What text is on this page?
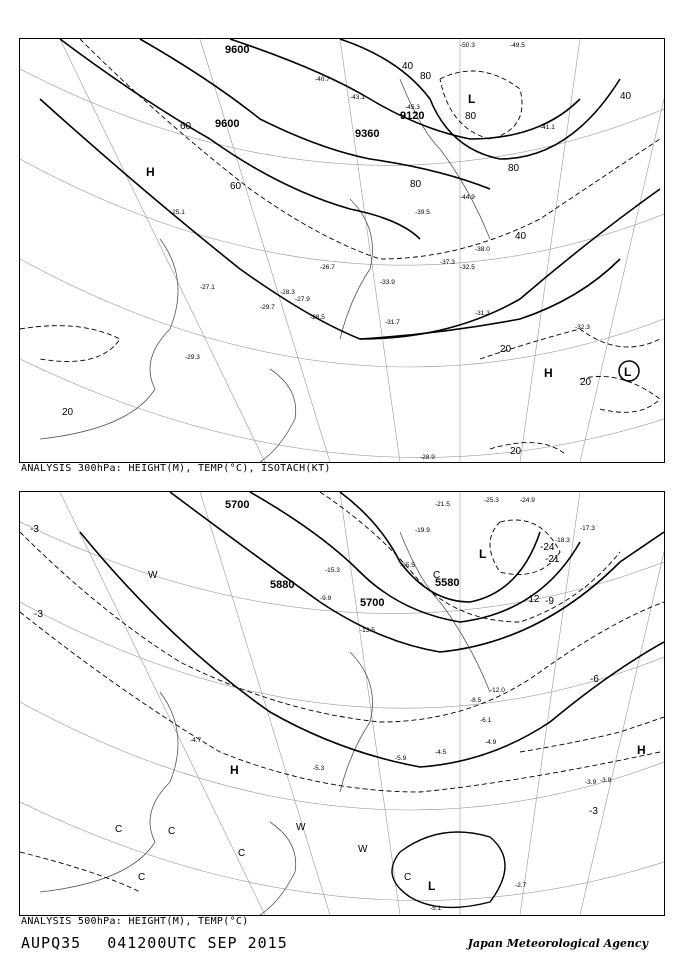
-28.9
-31.3
-31.7
-32.3
-32.5
-33.9
-37.3
-38.0
-39.5
-41.1
-44.9
-50.3	-49.5
-45.3
-43.1
-40.7
-29.3
-29.7
-28.5
-27.9
-26.7
-28.3
-25.1
-27.1
9600
9600
9360
9120
20
20
20
20
40
40
40
60
60
80
80
80
80
L
L
H
H
ANALYSIS 300hPa: HEIGHT(M), TEMP(°C), ISOTACH(KT)
-25.3	-24.9
-21.5
-19.9
-18.3
-17.3
-15.5
-12.0
-8.5
-6.1
-4.9
-4.5
-3.9
-2.7
-5.1
-5.3
-4.7
-9.9
-13.5
-15.3
-5.9
-3.9
5700
5700
5880	5580
-3
-3
-3
-6
-9
-12
-21
-24
W
W
W
C
C	C
C
C	C
L
L
H
H
ANALYSIS 500hPa: HEIGHT(M), TEMP(°C)
AUPQ35 041200UTC SEP 2015	Japan Meteorological Agency
